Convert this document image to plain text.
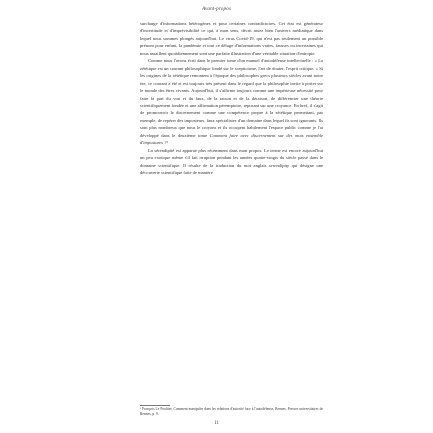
Avant-propos

surcharge d'informations hétérogènes et pour certaines contradictoires. Cet état est générateur d'incertitude et d'imprévisibilité ce qui, à mon sens, décrit assez bien l'univers médiatique dans lequel nous sommes plongés aujourd'hui. Le virus Covid-19, qui n'est pas seulement un possible prénom pour enfant, la pandémie et tout ce déluge d'informations vraies, fausses ou incertaines qui nous assaillent quotidiennement sont une parfaite illustration d'une véritable situation d'entropie.

Comme nous l'avons écrit dans le premier tome d'un manuel d'autodéfense intellectuelle : « La zététique est un courant philosophique fondé sur le scepticisme, l'art de douter, l'esprit critique. » Si les origines de la zététique remontent à l'époque des philosophes grecs plusieurs siècles avant notre ère, ce courant a été et est toujours très présent dans le regard que la philosophie invite à porter sur le monde des êtres vivants. Aujourd'hui, il s'affirme toujours comme une impérieuse nécessité pour faire la part du vrai et du faux, de la raison et de la déraison, de différencier une théorie scientifiquement fondée et une affirmation péremptoire, reposant sur une croyance. En bref, il s'agit de promouvoir le discernement comme une compétence propre à la zététique permettant, par exemple, de repérer des imposteurs, faux spécialistes d'un domaine dans lequel ils sont ignorants. Ils sont plus nombreux que nous le croyons et ils occupent habilement l'espace public comme je l'ai développé dans le deuxième tome Comment faire avec discernement sur des mots ensemble d'impostures ?¹

La sérendipité est apparue plus récemment dans mon propos. Le terme est encore aujourd'hui un peu exotique même s'il fait irruption pendant les années quatre-vingts du siècle passé dans le domaine scientifique. Il résulte de la traduction du mot anglais serendipity qui désigne une découverte scientifique faite de manière

¹ François Le Poultier, Comment manipuler dans les relations d'autorité face à l'autodéfense, Rennes, Presses universitaires de Rennes, p. 9.
11
